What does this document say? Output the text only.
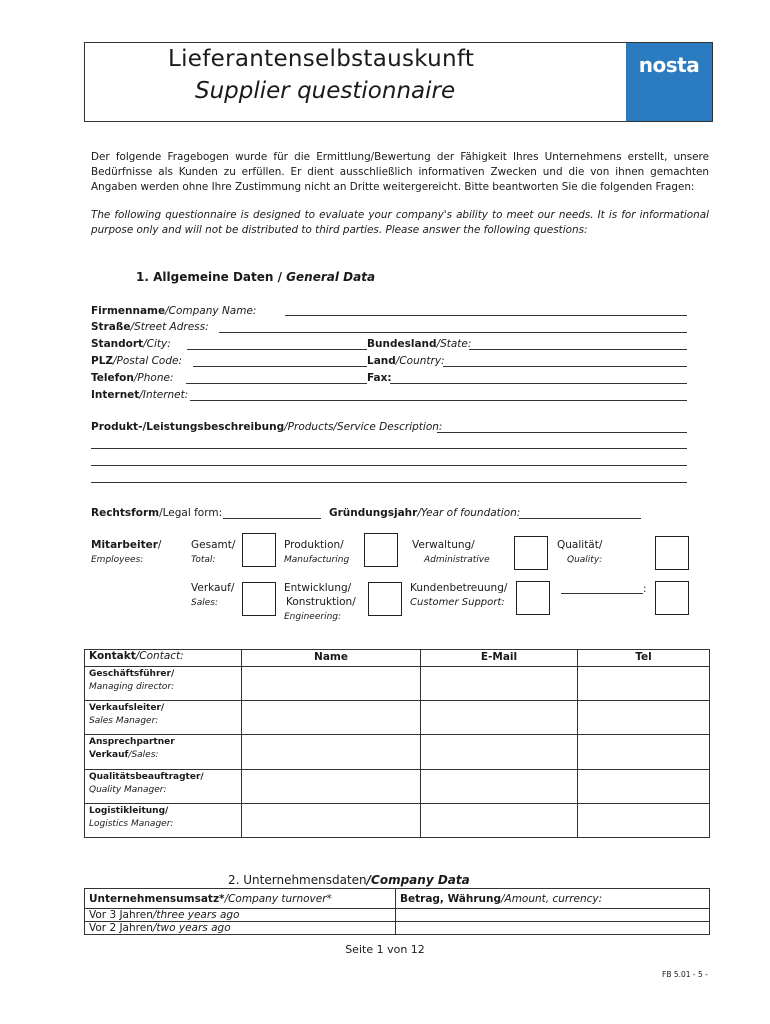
Lieferantenselbstauskunft
Supplier questionnaire
nosta
Der folgende Fragebogen wurde für die Ermittlung/Bewertung der Fähigkeit Ihres Unternehmens erstellt, unsere Bedürfnisse als Kunden zu erfüllen. Er dient ausschließlich informativen Zwecken und die von ihnen gemachten Angaben werden ohne Ihre Zustimmung nicht an Dritte weitergereicht. Bitte beantworten Sie die folgenden Fragen:
The following questionnaire is designed to evaluate your company's ability to meet our needs. It is for informational purpose only and will not be distributed to third parties. Please answer the following questions:
1. Allgemeine Daten / General Data
Firmenname/Company Name:
Straße/Street Adress:
Standort/City:	Bundesland/State:
PLZ/Postal Code:	Land/Country:
Telefon/Phone:	Fax:
Internet/Internet:
Produkt-/Leistungsbeschreibung/Products/Service Description:
Rechtsform/Legal form:	Gründungsjahr/Year of foundation:
Mitarbeiter/
Employees:
Gesamt/
Total:
Produktion/
Manufacturing
Verwaltung/
Administrative
Qualität/
Quality:
Verkauf/
Sales:
Entwicklung/
Konstruktion/
Engineering:
Kundenbetreuung/
Customer Support:
:
Kontakt/Contact:	Name	E-Mail	Tel

Geschäftsführer/
Managing director:			

Verkaufsleiter/
Sales Manager:			

Ansprechpartner
Verkauf/Sales:			

Qualitätsbeauftragter/
Quality Manager:			

Logistikleitung/
Logistics Manager:			

2. Unternehmensdaten/Company Data
Unternehmensumsatz*/Company turnover*	Betrag, Währung/Amount, currency:
Vor 3 Jahren/three years ago	
Vor 2 Jahren/two years ago	
Seite 1 von 12
FB 5.01 - 5 -
